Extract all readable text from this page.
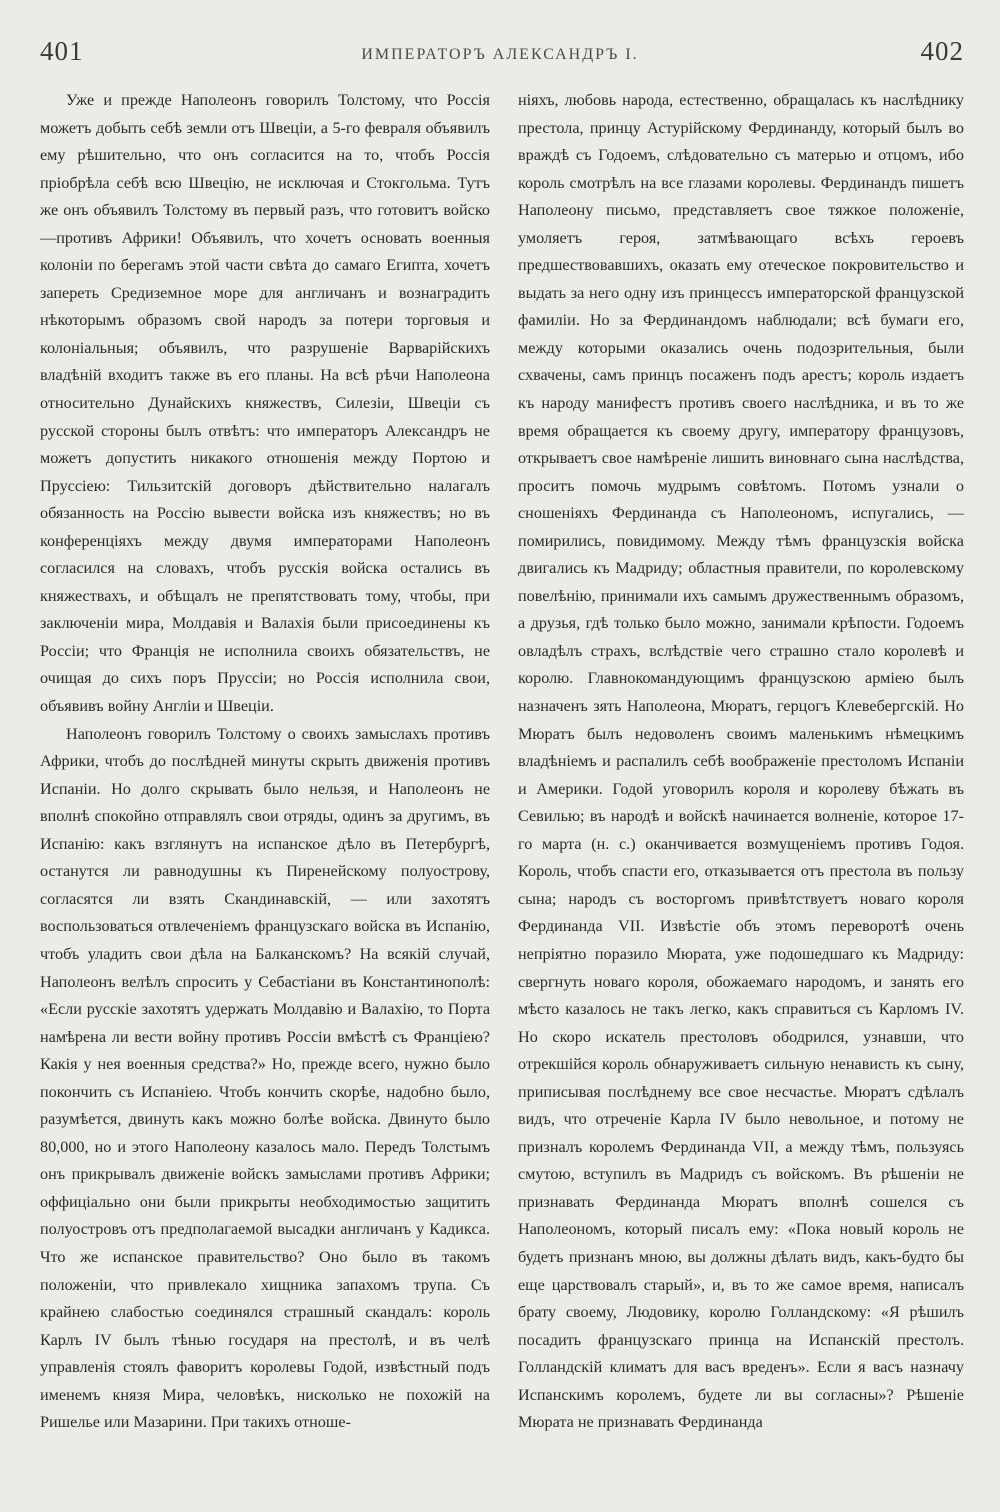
401	ИМПЕРАТОРЪ АЛЕКСАНДРЪ I.	402

Уже и прежде Наполеонъ говорилъ Толстому, что Россія можетъ добыть себѣ земли отъ Швеціи, а 5-го февраля объявилъ ему рѣшительно, что онъ согласится на то, чтобъ Россія пріобрѣла себѣ всю Швецію, не исключая и Стокгольма. Тутъ же онъ объявилъ Толстому въ первый разъ, что готовитъ войско—противъ Африки! Объявилъ, что хочетъ основать военныя колоніи по берегамъ этой части свѣта до самаго Египта, хочетъ запереть Средиземное море для англичанъ и вознаградить нѣкоторымъ образомъ свой народъ за потери торговыя и колоніальныя; объявилъ, что разрушеніе Варварійскихъ владѣній входитъ также въ его планы. На всѣ рѣчи Наполеона относительно Дунайскихъ княжествъ, Силезіи, Швеціи съ русской стороны былъ отвѣтъ: что императоръ Александръ не можетъ допустить никакого отношенія между Портою и Пруссіею: Тильзитскій договоръ дѣйствительно налагалъ обязанность на Россію вывести войска изъ княжествъ; но въ конференціяхъ между двумя императорами Наполеонъ согласился на словахъ, чтобъ русскія войска остались въ княжествахъ, и обѣщалъ не препятствовать тому, чтобы, при заключеніи мира, Молдавія и Валахія были присоединены къ Россіи; что Франція не исполнила своихъ обязательствъ, не очищая до сихъ поръ Пруссіи; но Россія исполнила свои, объявивъ войну Англіи и Швеціи.

Наполеонъ говорилъ Толстому о своихъ замыслахъ противъ Африки, чтобъ до послѣдней минуты скрыть движенія противъ Испаніи. Но долго скрывать было нельзя, и Наполеонъ не вполнѣ спокойно отправлялъ свои отряды, одинъ за другимъ, въ Испанію: какъ взглянутъ на испанское дѣло въ Петербургѣ, останутся ли равнодушны къ Пиренейскому полуострову, согласятся ли взять Скандинавскій, — или захотятъ воспользоваться отвлеченіемъ французскаго войска въ Испанію, чтобъ уладить свои дѣла на Балканскомъ? На всякій случай, Наполеонъ велѣлъ спросить у Себастіани въ Константинополѣ: «Если русскіе захотятъ удержать Молдавію и Валахію, то Порта намѣрена ли вести войну противъ Россіи вмѣстѣ съ Франціею? Какія у нея военныя средства?» Но, прежде всего, нужно было покончить съ Испаніею. Чтобъ кончить скорѣе, надобно было, разумѣется, двинуть какъ можно болѣе войска. Двинуто было 80,000, но и этого Наполеону казалось мало. Передъ Толстымъ онъ прикрывалъ движеніе войскъ замыслами противъ Африки; оффиціально они были прикрыты необходимостью защитить полуостровъ отъ предполагаемой высадки англичанъ у Кадикса. Что же испанское правительство? Оно было въ такомъ положеніи, что привлекало хищника запахомъ трупа. Съ крайнею слабостью соединялся страшный скандалъ: король Карлъ IV былъ тѣнью государя на престолѣ, и въ челѣ управленія стоялъ фаворитъ королевы Годой, извѣстный подъ именемъ князя Мира, человѣкъ, нисколько не похожій на Ришелье или Мазарини. При такихъ отноше-

ніяхъ, любовь народа, естественно, обращалась къ наслѣднику престола, принцу Астурійскому Фердинанду, который былъ во враждѣ съ Годоемъ, слѣдовательно съ матерью и отцомъ, ибо король смотрѣлъ на все глазами королевы. Фердинандъ пишетъ Наполеону письмо, представляетъ свое тяжкое положеніе, умоляетъ героя, затмѣвающаго всѣхъ героевъ предшествовавшихъ, оказать ему отеческое покровительство и выдать за него одну изъ принцессъ императорской французской фамиліи. Но за Фердинандомъ наблюдали; всѣ бумаги его, между которыми оказались очень подозрительныя, были схвачены, самъ принцъ посаженъ подъ арестъ; король издаетъ къ народу манифестъ противъ своего наслѣдника, и въ то же время обращается къ своему другу, императору французовъ, открываетъ свое намѣреніе лишить виновнаго сына наслѣдства, проситъ помочь мудрымъ совѣтомъ. Потомъ узнали о сношеніяхъ Фердинанда съ Наполеономъ, испугались, — помирились, повидимому. Между тѣмъ французскія войска двигались къ Мадриду; областныя правители, по королевскому повелѣнію, принимали ихъ самымъ дружественнымъ образомъ, а друзья, гдѣ только было можно, занимали крѣпости. Годоемъ овладѣлъ страхъ, вслѣдствіе чего страшно стало королевѣ и королю. Главнокомандующимъ французскою арміею былъ назначенъ зять Наполеона, Мюратъ, герцогъ Клевебергскій. Но Мюратъ былъ недоволенъ своимъ маленькимъ нѣмецкимъ владѣніемъ и распалилъ себѣ воображеніе престоломъ Испаніи и Америки. Годой уговорилъ короля и королеву бѣжать въ Севилью; въ народѣ и войскѣ начинается волненіе, которое 17-го марта (н. с.) оканчивается возмущеніемъ противъ Годоя. Король, чтобъ спасти его, отказывается отъ престола въ пользу сына; народъ съ восторгомъ привѣтствуетъ новаго короля Фердинанда VII. Извѣстіе объ этомъ переворотѣ очень непріятно поразило Мюрата, уже подошедшаго къ Мадриду: свергнуть новаго короля, обожаемаго народомъ, и занять его мѣсто казалось не такъ легко, какъ справиться съ Карломъ IV. Но скоро искатель престоловъ ободрился, узнавши, что отрекшійся король обнаруживаетъ сильную ненависть къ сыну, приписывая послѣднему все свое несчастье. Мюратъ сдѣлалъ видъ, что отреченіе Карла IV было невольное, и потому не призналъ королемъ Фердинанда VII, а между тѣмъ, пользуясь смутою, вступилъ въ Мадридъ съ войскомъ. Въ рѣшеніи не признавать Фердинанда Мюратъ вполнѣ сошелся съ Наполеономъ, который писалъ ему: «Пока новый король не будетъ признанъ мною, вы должны дѣлать видъ, какъ-будто бы еще царствовалъ старый», и, въ то же самое время, написалъ брату своему, Людовику, королю Голландскому: «Я рѣшилъ посадить французскаго принца на Испанскій престолъ. Голландскій климатъ для васъ вреденъ». Если я васъ назначу Испанскимъ королемъ, будете ли вы согласны»? Рѣшеніе Мюрата не признавать Фердинанда
